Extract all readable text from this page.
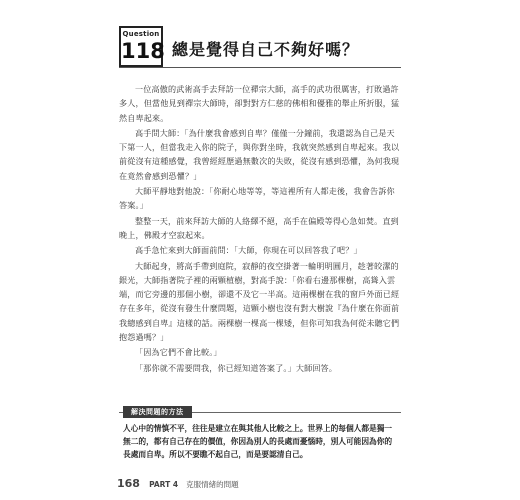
Question
118 總是覺得自己不夠好嗎？

一位高傲的武術高手去拜訪一位禪宗大師，高手的武功很厲害，打敗過許多人，但當他見到禪宗大師時，卻對對方仁慈的佛相和優雅的舉止所折服，猛然自卑起來。

高手問大師：「為什麼我會感到自卑？僅僅一分鐘前，我還認為自己是天下第一人，但當我走入你的院子，與你對坐時，我就突然感到自卑起來。我以前從沒有這種感覺，我曾經經歷過無數次的失敗，從沒有感到恐懼，為何我現在竟然會感到恐懼？」

大師平靜地對他說：「你耐心地等等，等這裡所有人都走後，我會告訴你答案。」

整整一天，前來拜訪大師的人絡繹不絕，高手在偏殿等得心急如焚。直到晚上，佛殿才空寂起來。

高手急忙來到大師面前問：「大師，你現在可以回答我了吧？」

大師起身，將高手帶到庭院，寂靜的夜空掛著一輪明明圓月，趁著皎潔的銀光，大師指著院子裡的兩顆植樹，對高手說：「你看右邊那棵樹，高聳入雲端，而它旁邊的那個小樹，卻還不及它一半高。這兩棵樹在我的窗戶外面已經存在多年，從沒有發生什麼問題，這顆小樹也沒有對大樹說『為什麼在你面前我總感到自卑』這樣的話。兩棵樹一棵高一棵矮，但你可知我為何從未聽它們抱怨過嗎？」

「因為它們不會比較。」

「那你就不需要問我，你已經知道答案了。」大師回答。

解決問題的方法
人心中的情慎不平，往往是建立在與其他人比較之上。世界上的每個人都是獨一無二的，都有自己存在的價值，你因為別人的長處而憂惱時，別人可能因為你的長處而自卑。所以不要瞧不起自己，而是要認清自己。
168 PART 4 克服情緒的問題
